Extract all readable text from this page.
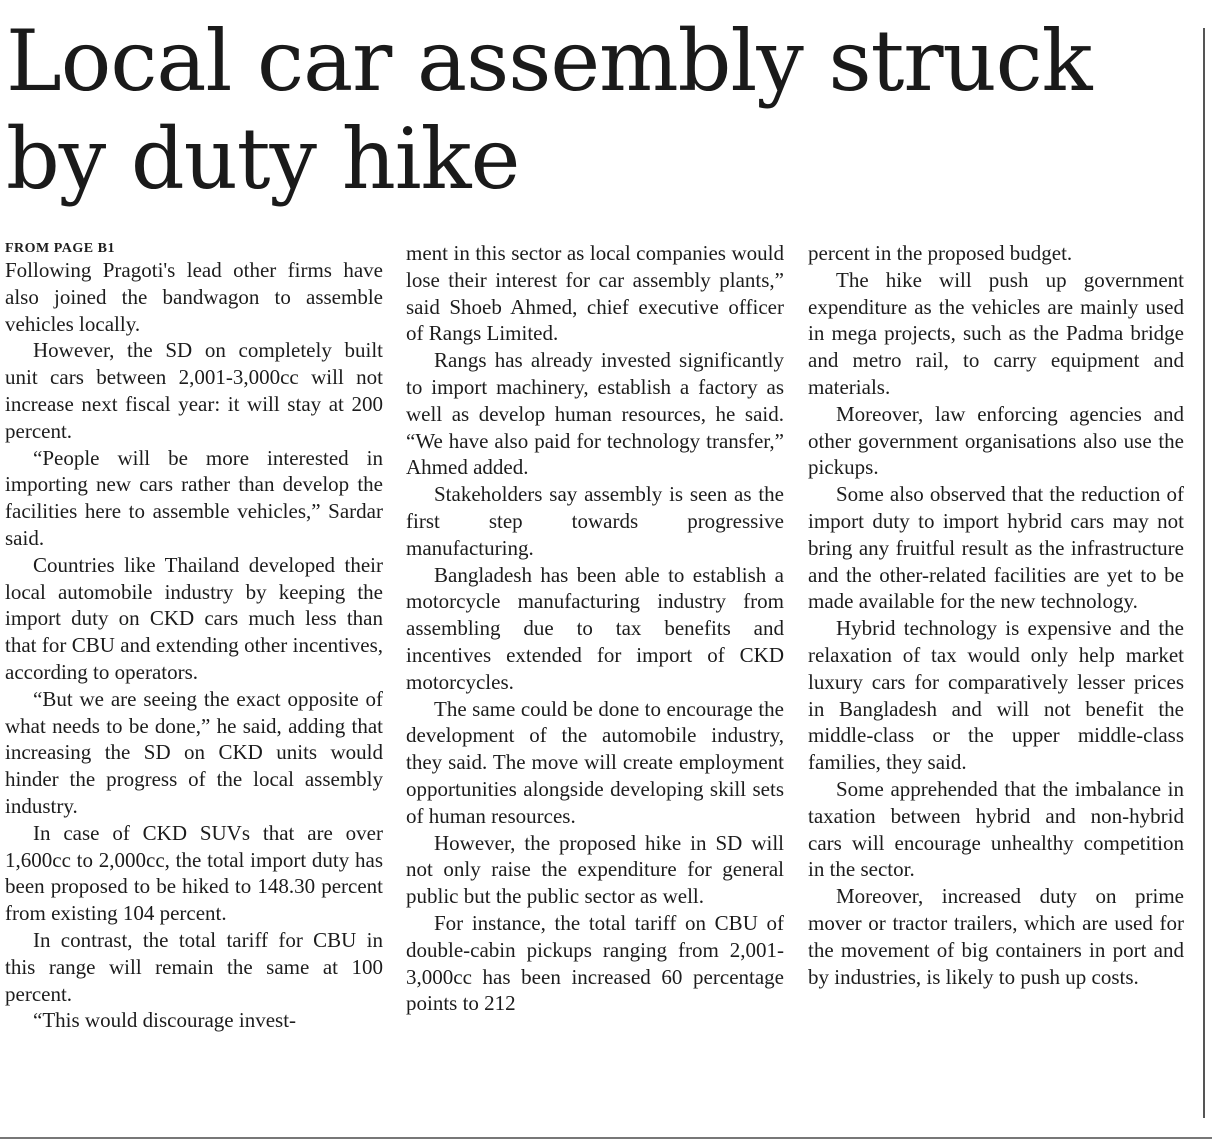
Local car assembly struck
by duty hike
FROM PAGE B1

Following Pragoti's lead other firms have also joined the bandwagon to assemble vehicles locally.

However, the SD on completely built unit cars between 2,001-3,000cc will not increase next fiscal year: it will stay at 200 percent.

“People will be more interested in importing new cars rather than develop the facilities here to assemble vehicles,” Sardar said.

Countries like Thailand developed their local automobile industry by keeping the import duty on CKD cars much less than that for CBU and extending other incentives, according to operators.

“But we are seeing the exact opposite of what needs to be done,” he said, adding that increasing the SD on CKD units would hinder the progress of the local assembly industry.

In case of CKD SUVs that are over 1,600cc to 2,000cc, the total import duty has been proposed to be hiked to 148.30 percent from existing 104 percent.

In contrast, the total tariff for CBU in this range will remain the same at 100 percent.

“This would discourage invest-

ment in this sector as local companies would lose their interest for car assembly plants,” said Shoeb Ahmed, chief executive officer of Rangs Limited.

Rangs has already invested significantly to import machinery, establish a factory as well as develop human resources, he said. “We have also paid for technology transfer,” Ahmed added.

Stakeholders say assembly is seen as the first step towards progressive manufacturing.

Bangladesh has been able to establish a motorcycle manufacturing industry from assembling due to tax benefits and incentives extended for import of CKD motorcycles.

The same could be done to encourage the development of the automobile industry, they said. The move will create employment opportunities alongside developing skill sets of human resources.

However, the proposed hike in SD will not only raise the expenditure for general public but the public sector as well.

For instance, the total tariff on CBU of double-cabin pickups ranging from 2,001-3,000cc has been increased 60 percentage points to 212

percent in the proposed budget.

The hike will push up government expenditure as the vehicles are mainly used in mega projects, such as the Padma bridge and metro rail, to carry equipment and materials.

Moreover, law enforcing agencies and other government organisations also use the pickups.

Some also observed that the reduction of import duty to import hybrid cars may not bring any fruitful result as the infrastructure and the other-related facilities are yet to be made available for the new technology.

Hybrid technology is expensive and the relaxation of tax would only help market luxury cars for comparatively lesser prices in Bangladesh and will not benefit the middle-class or the upper middle-class families, they said.

Some apprehended that the imbalance in taxation between hybrid and non-hybrid cars will encourage unhealthy competition in the sector.

Moreover, increased duty on prime mover or tractor trailers, which are used for the movement of big containers in port and by industries, is likely to push up costs.
